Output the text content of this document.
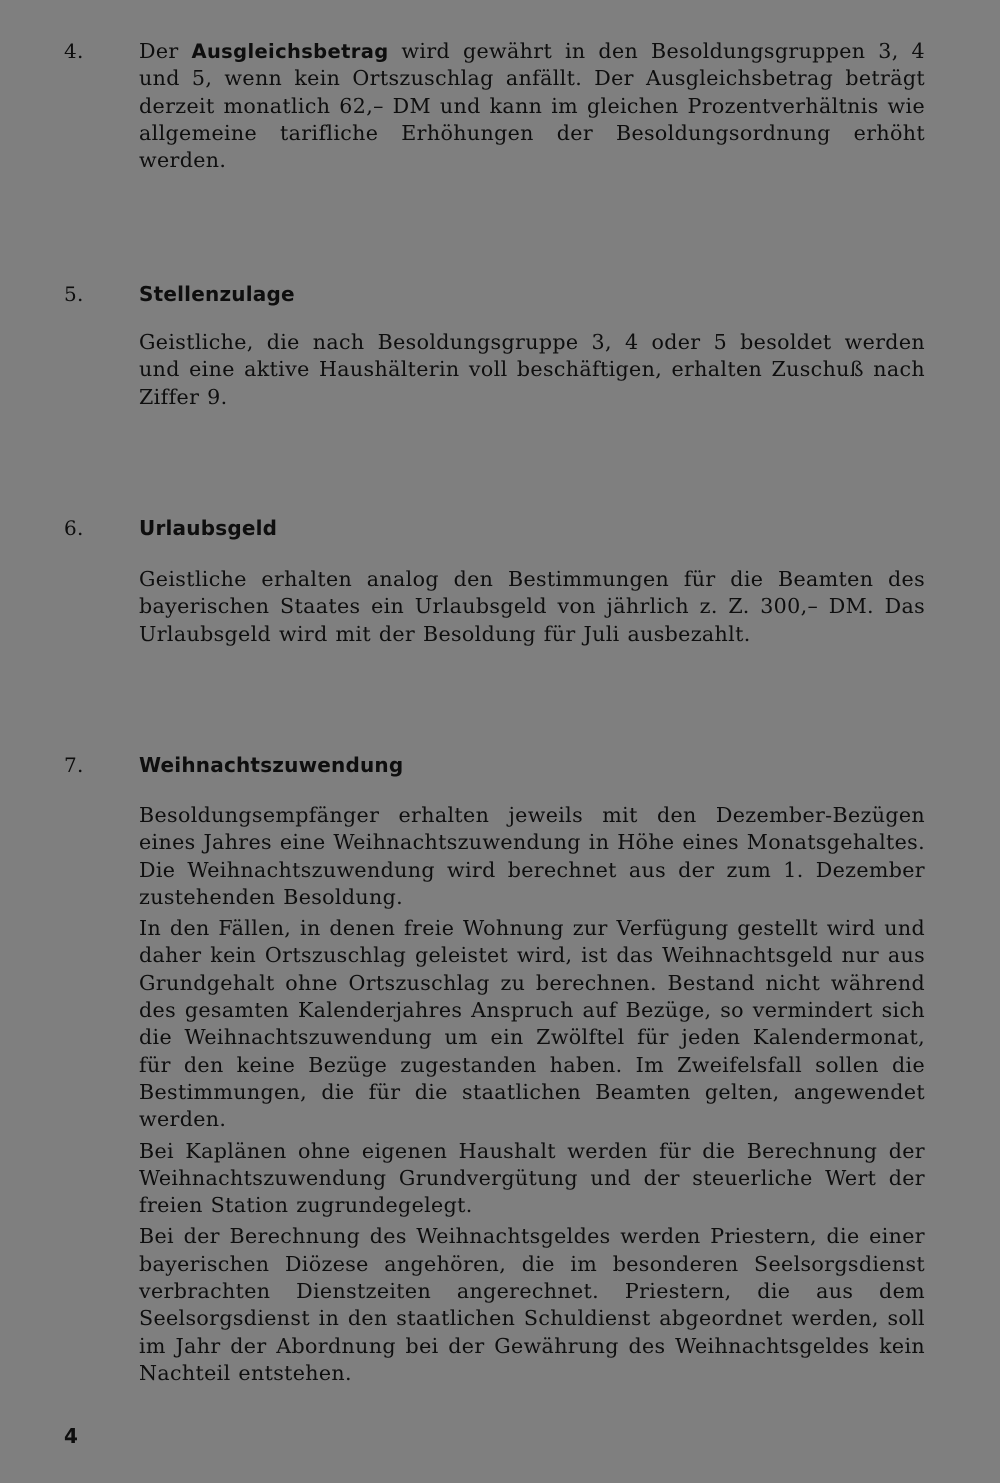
4.	Der Ausgleichsbetrag wird gewährt in den Besoldungsgruppen 3, 4 und 5, wenn kein Ortszuschlag anfällt. Der Ausgleichsbetrag beträgt derzeit monatlich 62,– DM und kann im gleichen Prozentverhältnis wie allgemeine tarifliche Erhöhungen der Besoldungsordnung erhöht werden.

5.	Stellenzulage

Geistliche, die nach Besoldungsgruppe 3, 4 oder 5 besoldet werden und eine aktive Haushälterin voll beschäftigen, erhalten Zuschuß nach Ziffer 9.

6.	Urlaubsgeld

Geistliche erhalten analog den Bestimmungen für die Beamten des bayerischen Staates ein Urlaubsgeld von jährlich z. Z. 300,– DM. Das Urlaubsgeld wird mit der Besoldung für Juli ausbezahlt.

7.	Weihnachtszuwendung

Besoldungsempfänger erhalten jeweils mit den Dezember-Bezügen eines Jahres eine Weihnachtszuwendung in Höhe eines Monatsgehaltes. Die Weihnachtszuwendung wird berechnet aus der zum 1. Dezember zustehenden Besoldung.

In den Fällen, in denen freie Wohnung zur Verfügung gestellt wird und daher kein Ortszuschlag geleistet wird, ist das Weihnachtsgeld nur aus Grundgehalt ohne Ortszuschlag zu berechnen. Bestand nicht während des gesamten Kalenderjahres Anspruch auf Bezüge, so vermindert sich die Weihnachtszuwendung um ein Zwölftel für jeden Kalendermonat, für den keine Bezüge zugestanden haben. Im Zweifelsfall sollen die Bestimmungen, die für die staatlichen Beamten gelten, angewendet werden.

Bei Kaplänen ohne eigenen Haushalt werden für die Berechnung der Weihnachtszuwendung Grundvergütung und der steuerliche Wert der freien Station zugrundegelegt.

Bei der Berechnung des Weihnachtsgeldes werden Priestern, die einer bayerischen Diözese angehören, die im besonderen Seelsorgsdienst verbrachten Dienstzeiten angerechnet. Priestern, die aus dem Seelsorgsdienst in den staatlichen Schuldienst abgeordnet werden, soll im Jahr der Abordnung bei der Gewährung des Weihnachtsgeldes kein Nachteil entstehen.

4
